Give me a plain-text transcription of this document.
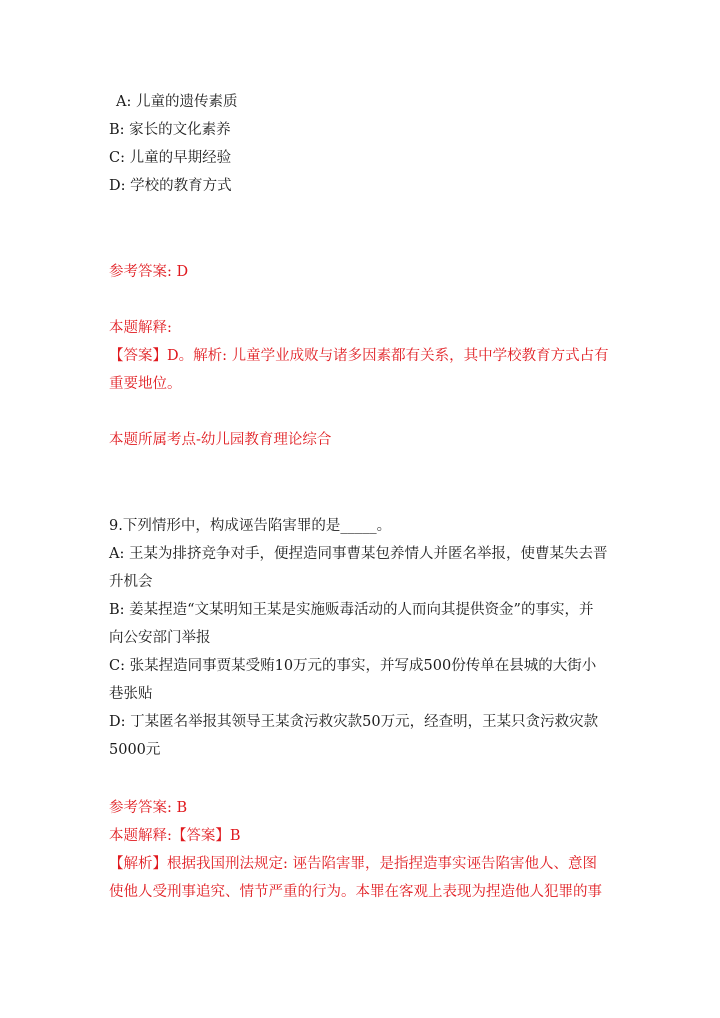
A: 儿童的遗传素质
B: 家长的文化素养
C: 儿童的早期经验
D: 学校的教育方式
参考答案: D
本题解释:
【答案】D。解析: 儿童学业成败与诸多因素都有关系，其中学校教育方式占有
重要地位。
本题所属考点-幼儿园教育理论综合
9.下列情形中，构成诬告陷害罪的是_____。
A: 王某为排挤竞争对手，便捏造同事曹某包养情人并匿名举报，使曹某失去晋
升机会
B: 姜某捏造“文某明知王某是实施贩毒活动的人而向其提供资金”的事实，并
向公安部门举报
C: 张某捏造同事贾某受贿10万元的事实，并写成500份传单在县城的大街小
巷张贴
D: 丁某匿名举报其领导王某贪污救灾款50万元，经查明，王某只贪污救灾款
5000元
参考答案: B
本题解释:【答案】B
【解析】根据我国刑法规定: 诬告陷害罪，是指捏造事实诬告陷害他人、意图
使他人受刑事追究、情节严重的行为。本罪在客观上表现为捏造他人犯罪的事
